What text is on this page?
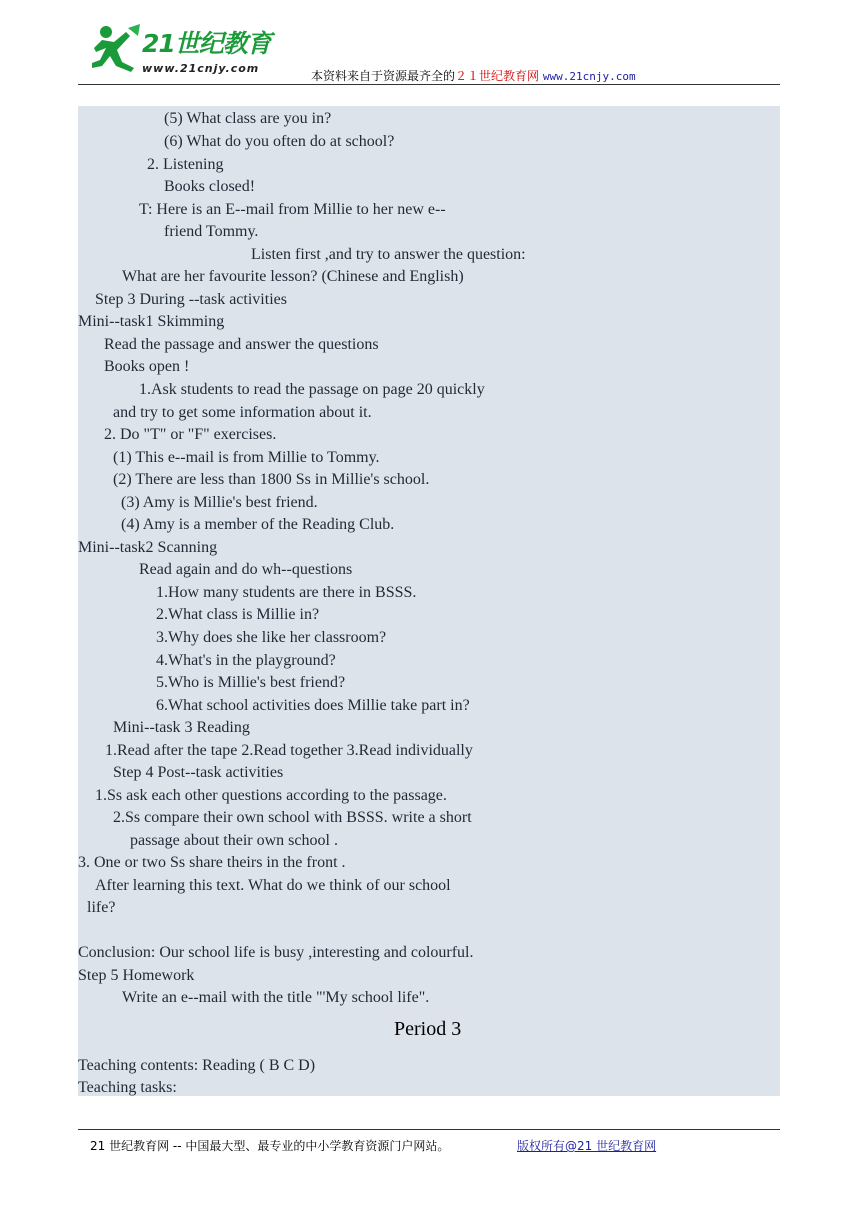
21世纪教育
www.21cnjy.com
本资料来自于资源最齐全的２１世纪教育网 www.21cnjy.com
(5) What class are you in?
(6) What do you often do at school?
2. Listening
Books closed!
T: Here is an E--mail from Millie to her new e--
friend Tommy.
Listen first ,and try to answer the question:
What are her favourite lesson? (Chinese and English)
Step 3 During --task activities
Mini--task1 Skimming
Read the passage and answer the questions
Books open !
1.Ask students to read the passage on page 20 quickly
and try to get some information about it.
2. Do "T" or "F" exercises.
(1) This e--mail is from Millie to Tommy.
(2) There are less than 1800 Ss in Millie's school.
(3) Amy is Millie's best friend.
(4) Amy is a member of the Reading Club.
Mini--task2 Scanning
Read again and do wh--questions
1.How many students are there in BSSS.
2.What class is Millie in?
3.Why does she like her classroom?
4.What's in the playground?
5.Who is Millie's best friend?
6.What school activities does Millie take part in?
Mini--task 3 Reading
1.Read after the tape 2.Read together 3.Read individually
Step 4 Post--task activities
1.Ss ask each other questions according to the passage.
2.Ss compare their own school with BSSS. write a short
passage about their own school .
3. One or two Ss share theirs in the front .
After learning this text. What do we think of our school
life?
Conclusion: Our school life is busy ,interesting and colourful.
Step 5 Homework
Write an e--mail with the title "'My school life".
Period 3
Teaching contents: Reading ( B C D)
Teaching tasks:
21 世纪教育网 -- 中国最大型、最专业的中小学教育资源门户网站。	版权所有@21 世纪教育网
